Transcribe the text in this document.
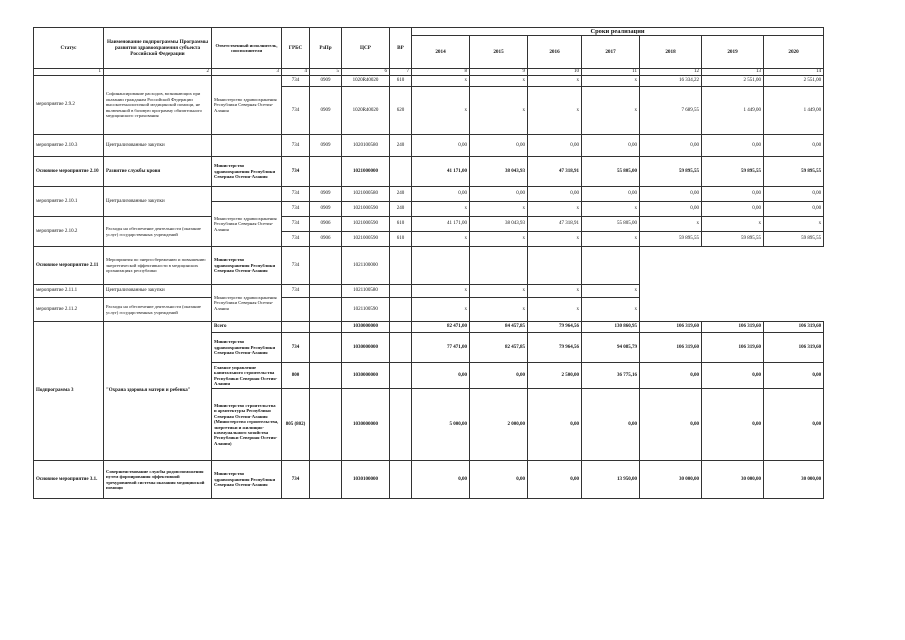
Статус	Наименование подпрограммы Программы развития здравоохранения субъекта Российской Федерации	Ответственный исполнитель, соисполнители	ГРБС	РзПр	ЦСР	ВР	Сроки реализации						
							2014	2015	2016	2017	2018	2019	2020
1	2	3	4	5	6	7	8	9	10	11	12	13	14
мероприятие 2.9.2	Софинансирование расходов, возникающих при оказании гражданам Российской Федерации высокотехнологичной медицинской помощи, не включенной в базовую программу обязательного медицинского страхования	Министерство здравоохранения Республики Северная Осетия-Алания	734	0909	1020R40020	610	х	х	х	х	16 334,22	2 551,00	2 551,00
			734	0909	1020R40020	620	х	х	х	х	7 689,55	1 449,00	1 449,00
мероприятие 2.10.3	Централизованные закупки		734	0909	1020100580	240	0,00	0,00	0,00	0,00	0,00	0,00	0,00
Основное мероприятие 2.10	Развитие службы крови	Министерство здравоохранения Республики Северная Осетия-Алания	734		1021000000		41 171,00	38 043,93	47 318,91	55 805,00	59 895,55	59 895,55	59 895,55
мероприятие 2.10.1	Централизованные закупки		734	0909	1021000580	240	0,00	0,00	0,00	0,00	0,00	0,00	0,00
		Министерство здравоохранения Республики Северная Осетия-Алания	734	0909	1021000590	240	х	х	х	х	0,00	0,00	0,00
мероприятие 2.10.2	Расходы на обеспечение деятельности (оказание услуг) государственных учреждений		734	0906	1021000590	610	41 171,00	38 043,93	47 318,91	55 805,00	х	х	х
			734	0906	1021000590	610	х	х	х	х	59 895,55	59 895,55	59 895,55
Основное мероприятие 2.11	Мероприятия по энергосбережению и повышению энергетической эффективности в медицинских организациях республики	Министерство здравоохранения Республики Северная Осетия-Алания	734		1021100000								
мероприятие 2.11.1	Централизованные закупки	Министерство здравоохранения Республики Северная Осетия-Алания	734		1021100580		х	х	х	х			
мероприятие 2.11.2	Расходы на обеспечение деятельности (оказание услуг) государственных учреждений				1021100590		х	х	х	х			
Подпрограмма 3	"Охрана здоровья матери и ребенка"	Всего			1030000000		82 471,00	84 457,85	79 964,56	130 860,95	106 319,60	106 319,60	106 319,60
		Министерство здравоохранения Республики Северная Осетия-Алания	734		1030000000		77 471,00	82 457,85	79 964,56	94 085,79	106 319,60	106 319,60	106 319,60
		Главное управление капитального строительства Республики Северная Осетия-Алания	800		1030000000		0,00	0,00	2 500,00	36 775,16	0,00	0,00	0,00
		Министерство строительства и архитектуры Республики Северная Осетия-Алания (Министерство строительства, энергетики и жилищно-коммунального хозяйства Республики Северная Осетия-Алания)	805 (802)		1030000000		5 000,00	2 000,00	0,00	0,00	0,00	0,00	0,00
Основное мероприятие 3.1.	Совершенствование службы родовспоможения путем формирования эффективной трехуровневой системы оказания медицинской помощи	Министерство здравоохранения Республики Северная Осетия-Алания	734		1030100000		0,00	0,00	0,00	13 950,00	30 000,00	30 000,00	30 000,00
